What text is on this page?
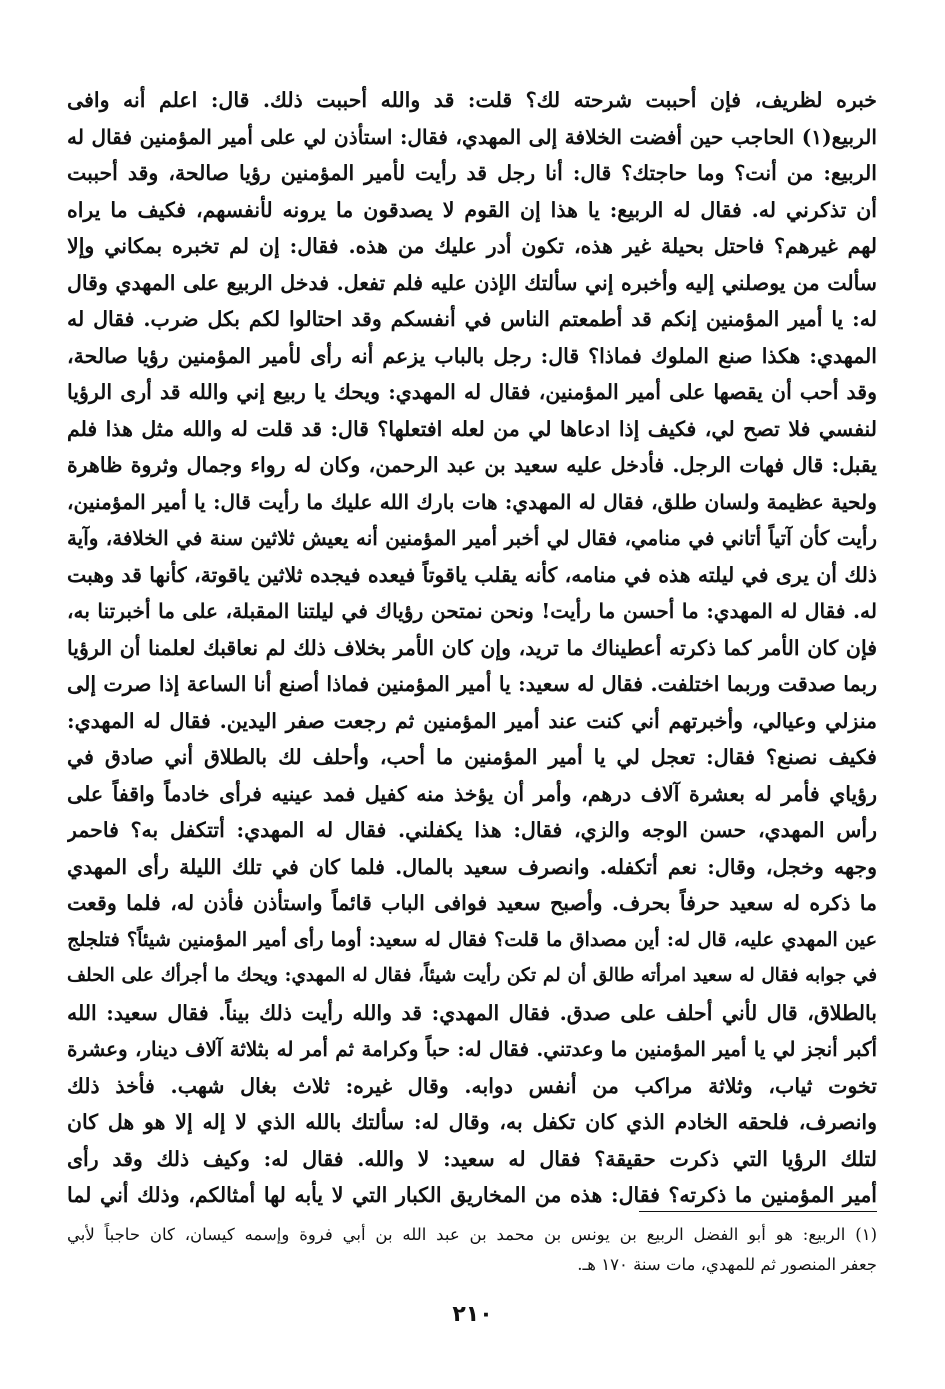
خبره لظريف، فإن أحببت شرحته لك؟ قلت: قد والله أحببت ذلك. قال: اعلم أنه وافى
الربيع(١) الحاجب حين أفضت الخلافة إلى المهدي، فقال: استأذن لي على أمير المؤمنين فقال له
الربيع: من أنت؟ وما حاجتك؟ قال: أنا رجل قد رأيت لأمير المؤمنين رؤيا صالحة، وقد أحببت
أن تذكرني له. فقال له الربيع: يا هذا إن القوم لا يصدقون ما يرونه لأنفسهم، فكيف ما يراه
لهم غيرهم؟ فاحتل بحيلة غير هذه، تكون أدر عليك من هذه. فقال: إن لم تخبره بمكاني وإلا
سألت من يوصلني إليه وأخبره إني سألتك الإذن عليه فلم تفعل. فدخل الربيع على المهدي وقال
له: يا أمير المؤمنين إنكم قد أطمعتم الناس في أنفسكم وقد احتالوا لكم بكل ضرب. فقال له
المهدي: هكذا صنع الملوك فماذا؟ قال: رجل بالباب يزعم أنه رأى لأمير المؤمنين رؤيا صالحة،
وقد أحب أن يقصها على أمير المؤمنين، فقال له المهدي: ويحك يا ربيع إني والله قد أرى الرؤيا
لنفسي فلا تصح لي، فكيف إذا ادعاها لي من لعله افتعلها؟ قال: قد قلت له والله مثل هذا فلم
يقبل: قال فهات الرجل. فأدخل عليه سعيد بن عبد الرحمن، وكان له رواء وجمال وثروة ظاهرة
ولحية عظيمة ولسان طلق، فقال له المهدي: هات بارك الله عليك ما رأيت قال: يا أمير المؤمنين،
رأيت كأن آتياً أتاني في منامي، فقال لي أخبر أمير المؤمنين أنه يعيش ثلاثين سنة في الخلافة، وآية
ذلك أن يرى في ليلته هذه في منامه، كأنه يقلب ياقوتاً فيعده فيجده ثلاثين ياقوتة، كأنها قد وهبت
له. فقال له المهدي: ما أحسن ما رأيت! ونحن نمتحن رؤياك في ليلتنا المقبلة، على ما أخبرتنا به،
فإن كان الأمر كما ذكرته أعطيناك ما تريد، وإن كان الأمر بخلاف ذلك لم نعاقبك لعلمنا أن الرؤيا
ربما صدقت وربما اختلفت. فقال له سعيد: يا أمير المؤمنين فماذا أصنع أنا الساعة إذا صرت إلى
منزلي وعيالي، وأخبرتهم أني كنت عند أمير المؤمنين ثم رجعت صفر اليدين. فقال له المهدي:
فكيف نصنع؟ فقال: تعجل لي يا أمير المؤمنين ما أحب، وأحلف لك بالطلاق أني صادق في
رؤياي فأمر له بعشرة آلاف درهم، وأمر أن يؤخذ منه كفيل فمد عينيه فرأى خادماً واقفاً على
رأس المهدي، حسن الوجه والزي، فقال: هذا يكفلني. فقال له المهدي: أتتكفل به؟ فاحمر
وجهه وخجل، وقال: نعم أتكفله. وانصرف سعيد بالمال. فلما كان في تلك الليلة رأى المهدي
ما ذكره له سعيد حرفاً بحرف. وأصبح سعيد فوافى الباب قائماً واستأذن فأذن له، فلما وقعت
عين المهدي عليه، قال له: أين مصداق ما قلت؟ فقال له سعيد: أوما رأى أمير المؤمنين شيئاً؟ فتلجلج
في جوابه فقال له سعيد امرأته طالق أن لم تكن رأيت شيئاً، فقال له المهدي: ويحك ما أجرأك على الحلف
بالطلاق، قال لأني أحلف على صدق. فقال المهدي: قد والله رأيت ذلك بيناً. فقال سعيد: الله
أكبر أنجز لي يا أمير المؤمنين ما وعدتني. فقال له: حباً وكرامة ثم أمر له بثلاثة آلاف دينار، وعشرة
تخوت ثياب، وثلاثة مراكب من أنفس دوابه. وقال غيره: ثلاث بغال شهب. فأخذ ذلك
وانصرف، فلحقه الخادم الذي كان تكفل به، وقال له: سألتك بالله الذي لا إله إلا هو هل كان
لتلك الرؤيا التي ذكرت حقيقة؟ فقال له سعيد: لا والله. فقال له: وكيف ذلك وقد رأى
أمير المؤمنين ما ذكرته؟ فقال: هذه من المخاريق الكبار التي لا يأبه لها أمثالكم، وذلك أني لما
(١) الربيع: هو أبو الفضل الربيع بن يونس بن محمد بن عبد الله بن أبي فروة وإسمه كيسان، كان حاجباً لأبي
جعفر المنصور ثم للمهدي، مات سنة ١٧٠ هـ.
٢١٠
